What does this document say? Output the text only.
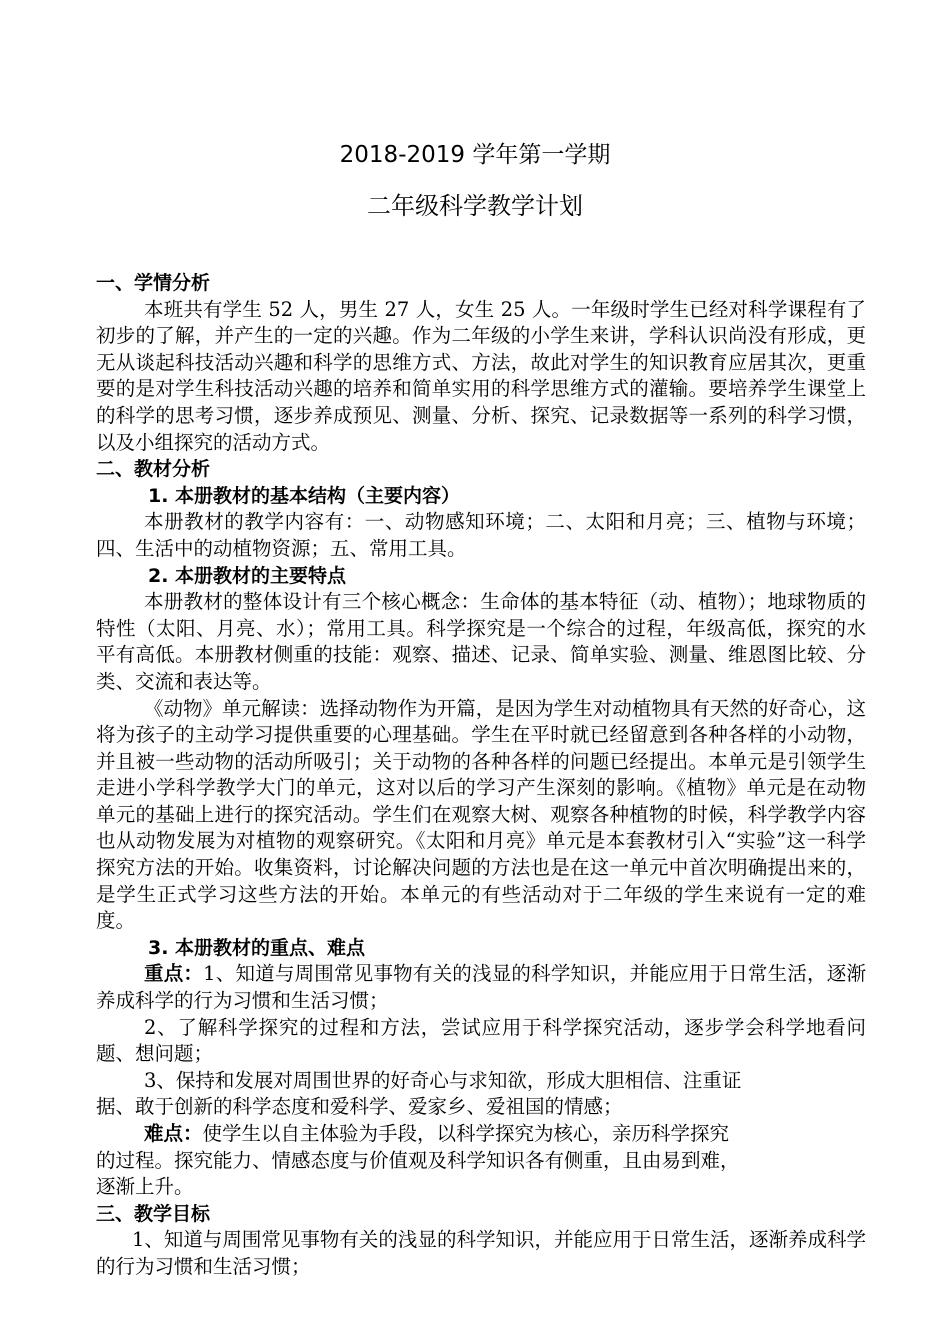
2018-2019 学年第一学期
二年级科学教学计划
一、学情分析

本班共有学生 52 人，男生 27 人，女生 25 人。一年级时学生已经对科学课程有了初步的了解，并产生的一定的兴趣。作为二年级的小学生来讲，学科认识尚没有形成，更无从谈起科技活动兴趣和科学的思维方式、方法，故此对学生的知识教育应居其次，更重要的是对学生科技活动兴趣的培养和简单实用的科学思维方式的灌输。要培养学生课堂上的科学的思考习惯，逐步养成预见、测量、分析、探究、记录数据等一系列的科学习惯，以及小组探究的活动方式。

二、教材分析
1. 本册教材的基本结构（主要内容）

本册教材的教学内容有：一、动物感知环境；二、太阳和月亮；三、植物与环境；四、生活中的动植物资源；五、常用工具。

2. 本册教材的主要特点

本册教材的整体设计有三个核心概念：生命体的基本特征（动、植物）；地球物质的特性（太阳、月亮、水）；常用工具。科学探究是一个综合的过程，年级高低，探究的水平有高低。本册教材侧重的技能：观察、描述、记录、简单实验、测量、维恩图比较、分类、交流和表达等。

《动物》单元解读：选择动物作为开篇，是因为学生对动植物具有天然的好奇心，这将为孩子的主动学习提供重要的心理基础。学生在平时就已经留意到各种各样的小动物，并且被一些动物的活动所吸引；关于动物的各种各样的问题已经提出。本单元是引领学生走进小学科学教学大门的单元，这对以后的学习产生深刻的影响。《植物》单元是在动物单元的基础上进行的探究活动。学生们在观察大树、观察各种植物的时候，科学教学内容也从动物发展为对植物的观察研究。《太阳和月亮》单元是本套教材引入“实验”这一科学探究方法的开始。收集资料，讨论解决问题的方法也是在这一单元中首次明确提出来的，是学生正式学习这些方法的开始。本单元的有些活动对于二年级的学生来说有一定的难度。

3. 本册教材的重点、难点

重点：1、知道与周围常见事物有关的浅显的科学知识，并能应用于日常生活，逐渐养成科学的行为习惯和生活习惯；

2、了解科学探究的过程和方法，尝试应用于科学探究活动，逐步学会科学地看问题、想问题；

3、保持和发展对周围世界的好奇心与求知欲，形成大胆相信、注重证

据、敢于创新的科学态度和爱科学、爱家乡、爱祖国的情感；

难点：使学生以自主体验为手段，以科学探究为核心，亲历科学探究

的过程。探究能力、情感态度与价值观及科学知识各有侧重，且由易到难，

逐渐上升。

三、教学目标

1、知道与周围常见事物有关的浅显的科学知识，并能应用于日常生活，逐渐养成科学的行为习惯和生活习惯；
